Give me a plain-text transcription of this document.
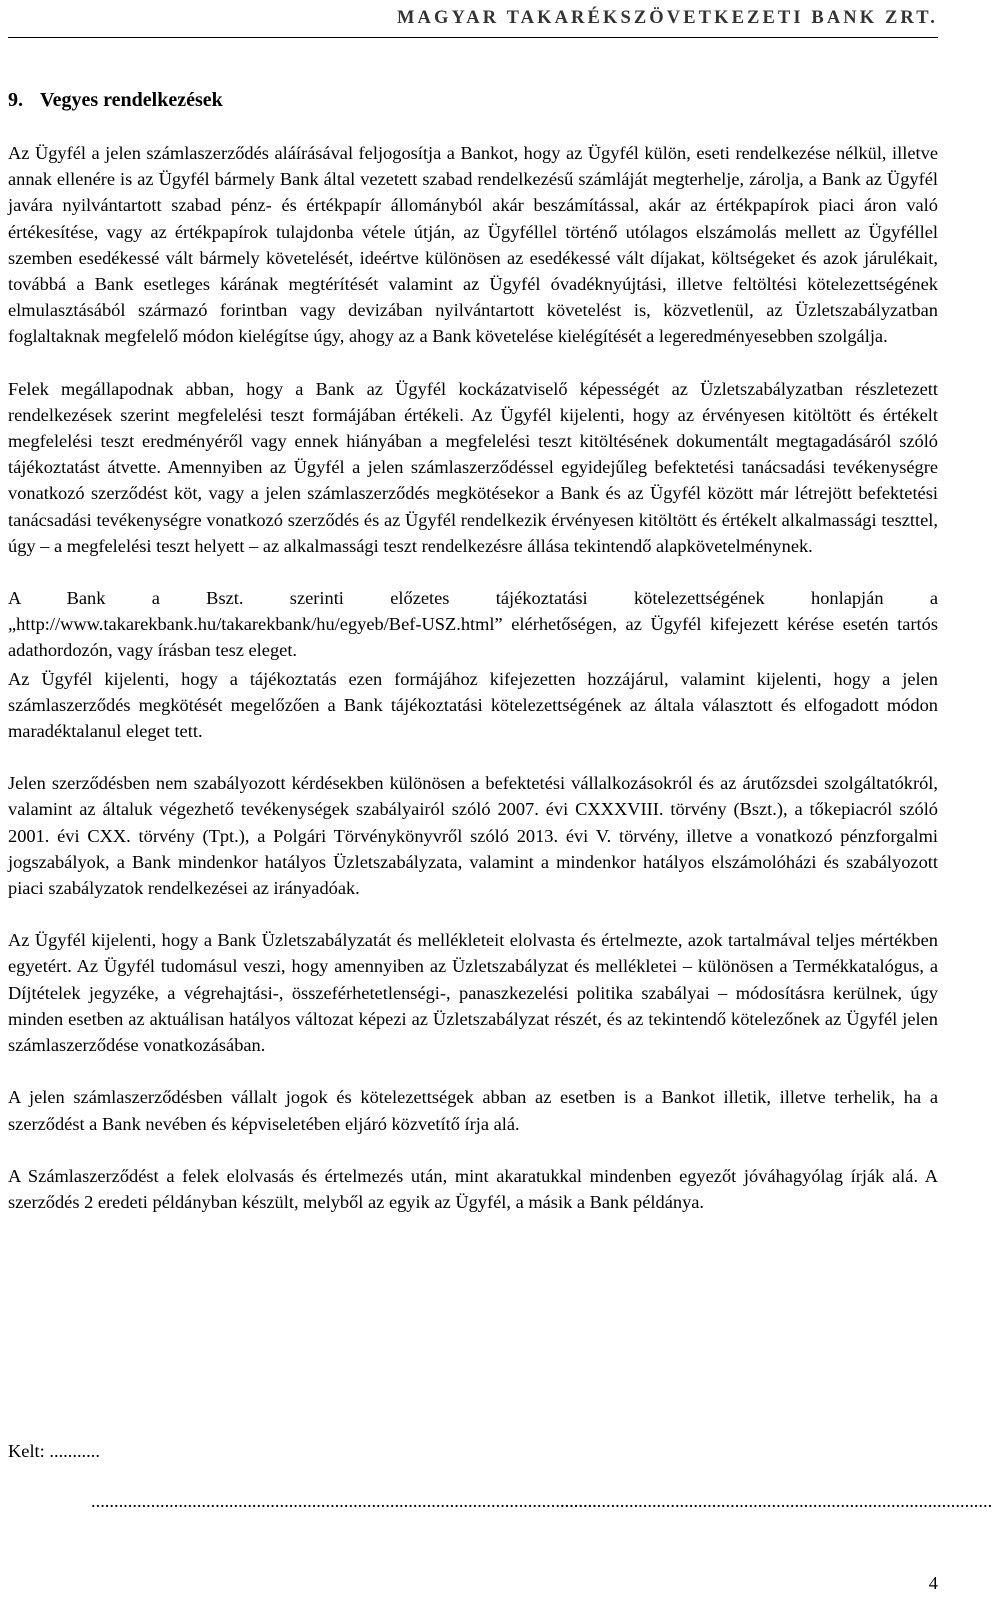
MAGYAR TAKARÉKSZÖVETKEZETI BANK ZRT.
9. Vegyes rendelkezések

Az Ügyfél a jelen számlaszerződés aláírásával feljogosítja a Bankot, hogy az Ügyfél külön, eseti rendelkezése nélkül, illetve annak ellenére is az Ügyfél bármely Bank által vezetett szabad rendelkezésű számláját megterhelje, zárolja, a Bank az Ügyfél javára nyilvántartott szabad pénz- és értékpapír állományból akár beszámítással, akár az értékpapírok piaci áron való értékesítése, vagy az értékpapírok tulajdonba vétele útján, az Ügyféllel történő utólagos elszámolás mellett az Ügyféllel szemben esedékessé vált bármely követelését, ideértve különösen az esedékessé vált díjakat, költségeket és azok járulékait, továbbá a Bank esetleges kárának megtérítését valamint az Ügyfél óvadéknyújtási, illetve feltöltési kötelezettségének elmulasztásából származó forintban vagy devizában nyilvántartott követelést is, közvetlenül, az Üzletszabályzatban foglaltaknak megfelelő módon kielégítse úgy, ahogy az a Bank követelése kielégítését a legeredményesebben szolgálja.

Felek megállapodnak abban, hogy a Bank az Ügyfél kockázatviselő képességét az Üzletszabályzatban részletezett rendelkezések szerint megfelelési teszt formájában értékeli. Az Ügyfél kijelenti, hogy az érvényesen kitöltött és értékelt megfelelési teszt eredményéről vagy ennek hiányában a megfelelési teszt kitöltésének dokumentált megtagadásáról szóló tájékoztatást átvette. Amennyiben az Ügyfél a jelen számlaszerződéssel egyidejűleg befektetési tanácsadási tevékenységre vonatkozó szerződést köt, vagy a jelen számlaszerződés megkötésekor a Bank és az Ügyfél között már létrejött befektetési tanácsadási tevékenységre vonatkozó szerződés és az Ügyfél rendelkezik érvényesen kitöltött és értékelt alkalmassági teszttel, úgy – a megfelelési teszt helyett – az alkalmassági teszt rendelkezésre állása tekintendő alapkövetelménynek.

A Bank a Bszt. szerinti előzetes tájékoztatási kötelezettségének honlapján a „http://www.takarekbank.hu/takarekbank/hu/egyeb/Bef-USZ.html” elérhetőségen, az Ügyfél kifejezett kérése esetén tartós adathordozón, vagy írásban tesz eleget.

Az Ügyfél kijelenti, hogy a tájékoztatás ezen formájához kifejezetten hozzájárul, valamint kijelenti, hogy a jelen számlaszerződés megkötését megelőzően a Bank tájékoztatási kötelezettségének az általa választott és elfogadott módon maradéktalanul eleget tett.

Jelen szerződésben nem szabályozott kérdésekben különösen a befektetési vállalkozásokról és az árutőzsdei szolgáltatókról, valamint az általuk végezhető tevékenységek szabályairól szóló 2007. évi CXXXVIII. törvény (Bszt.), a tőkepiacról szóló 2001. évi CXX. törvény (Tpt.), a Polgári Törvénykönyvről szóló 2013. évi V. törvény, illetve a vonatkozó pénzforgalmi jogszabályok, a Bank mindenkor hatályos Üzletszabályzata, valamint a mindenkor hatályos elszámolóházi és szabályozott piaci szabályzatok rendelkezései az irányadóak.

Az Ügyfél kijelenti, hogy a Bank Üzletszabályzatát és mellékleteit elolvasta és értelmezte, azok tartalmával teljes mértékben egyetért. Az Ügyfél tudomásul veszi, hogy amennyiben az Üzletszabályzat és mellékletei – különösen a Termékkatalógus, a Díjtételek jegyzéke, a végrehajtási-, összeférhetetlenségi-, panaszkezelési politika szabályai – módosításra kerülnek, úgy minden esetben az aktuálisan hatályos változat képezi az Üzletszabályzat részét, és az tekintendő kötelezőnek az Ügyfél jelen számlaszerződése vonatkozásában.

A jelen számlaszerződésben vállalt jogok és kötelezettségek abban az esetben is a Bankot illetik, illetve terhelik, ha a szerződést a Bank nevében és képviseletében eljáró közvetítő írja alá.

A Számlaszerződést a felek elolvasás és értelmezés után, mint akaratukkal mindenben egyezőt jóváhagyólag írják alá. A szerződés 2 eredeti példányban készült, melyből az egyik az Ügyfél, a másik a Bank példánya.

Kelt: ...........
..............................................................................................................
..............................................................................................
4
